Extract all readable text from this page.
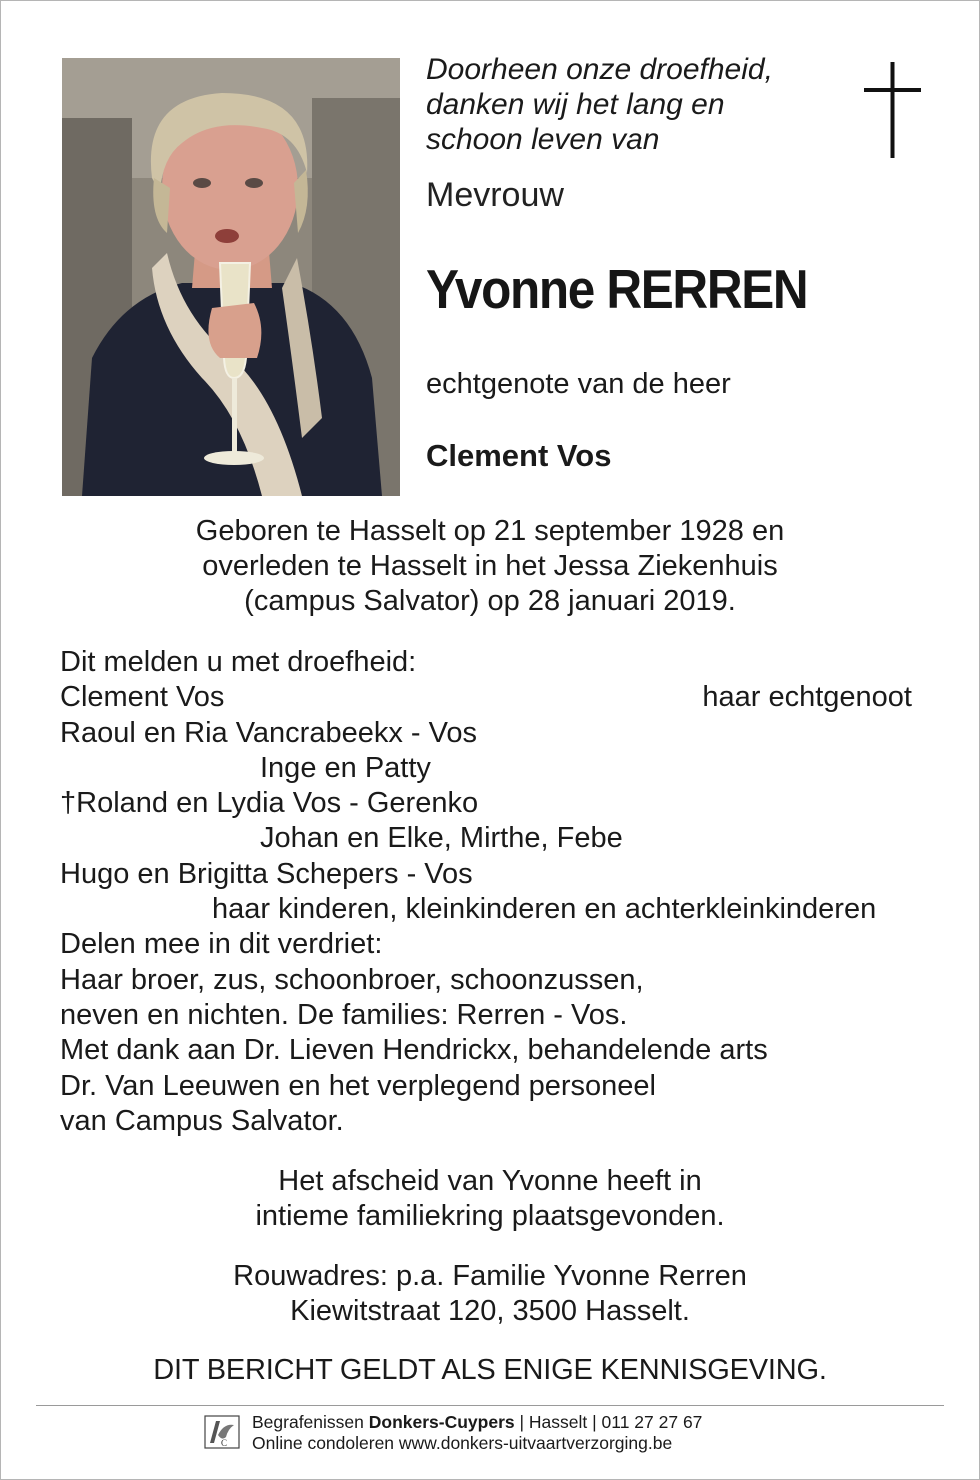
Doorheen onze droefheid,
danken wij het lang en
schoon leven van
Mevrouw
Yvonne RERREN
echtgenote van de heer
Clement Vos
Geboren te Hasselt op 21 september 1928 en
overleden te Hasselt in het Jessa Ziekenhuis
(campus Salvator) op 28 januari 2019.
Dit melden u met droefheid:
Clement Vos	haar echtgenoot
Raoul en Ria Vancrabeekx - Vos
Inge en Patty
†Roland en Lydia Vos - Gerenko
Johan en Elke, Mirthe, Febe
Hugo en Brigitta Schepers - Vos
haar kinderen, kleinkinderen en achterkleinkinderen
Delen mee in dit verdriet:
Haar broer, zus, schoonbroer, schoonzussen,
neven en nichten. De families: Rerren - Vos.
Met dank aan Dr. Lieven Hendrickx, behandelende arts
Dr. Van Leeuwen en het verplegend personeel
van Campus Salvator.
Het afscheid van Yvonne heeft in
intieme familiekring plaatsgevonden.
Rouwadres: p.a. Familie Yvonne Rerren
Kiewitstraat 120, 3500 Hasselt.
DIT BERICHT GELDT ALS ENIGE KENNISGEVING.
C
Begrafenissen Donkers-Cuypers | Hasselt | 011 27 27 67
Online condoleren www.donkers-uitvaartverzorging.be
